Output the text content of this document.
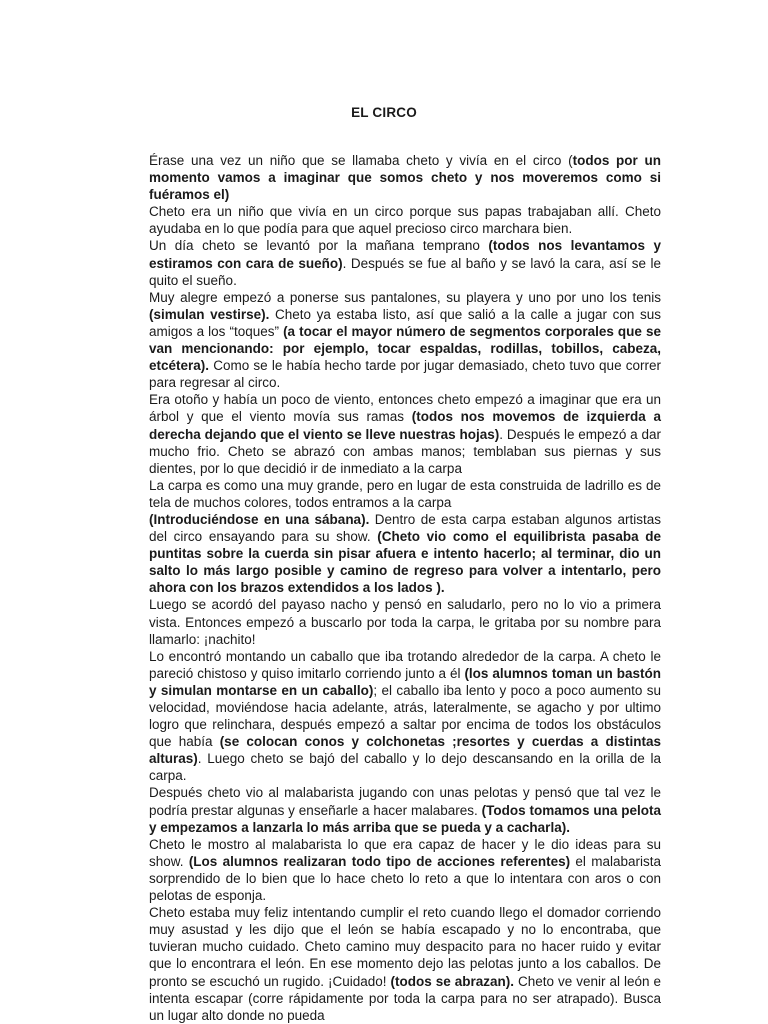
EL CIRCO

Érase una vez un niño que se llamaba cheto y vivía en el circo (todos por un momento vamos a imaginar que somos cheto y nos moveremos como si fuéramos el)

Cheto era un niño que vivía en un circo porque sus papas trabajaban allí. Cheto ayudaba en lo que podía para que aquel precioso circo marchara bien.

Un día cheto se levantó por la mañana temprano (todos nos levantamos y estiramos con cara de sueño). Después se fue al baño y se lavó la cara, así se le quito el sueño.

Muy alegre empezó a ponerse sus pantalones, su playera y uno por uno los tenis (simulan vestirse). Cheto ya estaba listo, así que salió a la calle a jugar con sus amigos a los “toques” (a tocar el mayor número de segmentos corporales que se van mencionando: por ejemplo, tocar espaldas, rodillas, tobillos, cabeza, etcétera). Como se le había hecho tarde por jugar demasiado, cheto tuvo que correr para regresar al circo.

Era otoño y había un poco de viento, entonces cheto empezó a imaginar que era un árbol y que el viento movía sus ramas (todos nos movemos de izquierda a derecha dejando que el viento se lleve nuestras hojas). Después le empezó a dar mucho frio. Cheto se abrazó con ambas manos; temblaban sus piernas y sus dientes, por lo que decidió ir de inmediato a la carpa

La carpa es como una muy grande, pero en lugar de esta construida de ladrillo es de tela de muchos colores, todos entramos a la carpa

(Introduciéndose en una sábana). Dentro de esta carpa estaban algunos artistas del circo ensayando para su show. (Cheto vio como el equilibrista pasaba de puntitas sobre la cuerda sin pisar afuera e intento hacerlo; al terminar, dio un salto lo más largo posible y camino de regreso para volver a intentarlo, pero ahora con los brazos extendidos a los lados ).

Luego se acordó del payaso nacho y pensó en saludarlo, pero no lo vio a primera vista. Entonces empezó a buscarlo por toda la carpa, le gritaba por su nombre para llamarlo: ¡nachito!

Lo encontró montando un caballo que iba trotando alrededor de la carpa. A cheto le pareció chistoso y quiso imitarlo corriendo junto a él (los alumnos toman un bastón y simulan montarse en un caballo); el caballo iba lento y poco a poco aumento su velocidad, moviéndose hacia adelante, atrás, lateralmente, se agacho y por ultimo logro que relinchara, después empezó a saltar por encima de todos los obstáculos que había (se colocan conos y colchonetas ;resortes y cuerdas a distintas alturas). Luego cheto se bajó del caballo y lo dejo descansando en la orilla de la carpa.

Después cheto vio al malabarista jugando con unas pelotas y pensó que tal vez le podría prestar algunas y enseñarle a hacer malabares. (Todos tomamos una pelota y empezamos a lanzarla lo más arriba que se pueda y a cacharla).

Cheto le mostro al malabarista lo que era capaz de hacer y le dio ideas para su show. (Los alumnos realizaran todo tipo de acciones referentes) el malabarista sorprendido de lo bien que lo hace cheto lo reto a que lo intentara con aros o con pelotas de esponja.

Cheto estaba muy feliz intentando cumplir el reto cuando llego el domador corriendo muy asustad y les dijo que el león se había escapado y no lo encontraba, que tuvieran mucho cuidado. Cheto camino muy despacito para no hacer ruido y evitar que lo encontrara el león. En ese momento dejo las pelotas junto a los caballos. De pronto se escuchó un rugido. ¡Cuidado! (todos se abrazan). Cheto ve venir al león e intenta escapar (corre rápidamente por toda la carpa para no ser atrapado). Busca un lugar alto donde no pueda
